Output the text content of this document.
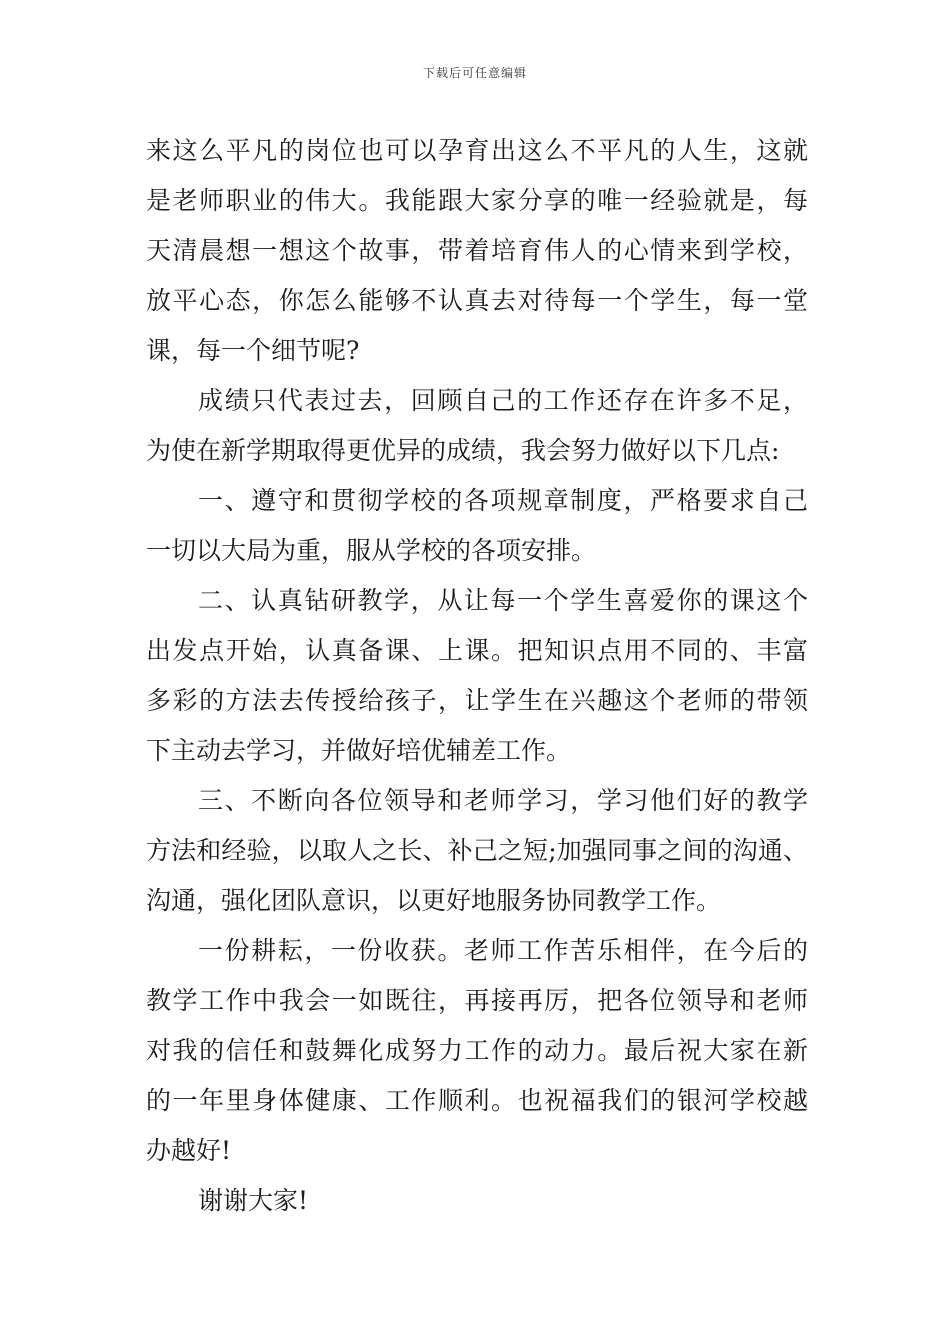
下载后可任意编辑
来这么平凡的岗位也可以孕育出这么不平凡的人生，这就
是老师职业的伟大。我能跟大家分享的唯一经验就是，每
天清晨想一想这个故事，带着培育伟人的心情来到学校，
放平心态，你怎么能够不认真去对待每一个学生，每一堂
课，每一个细节呢?
成绩只代表过去，回顾自己的工作还存在许多不足，
为使在新学期取得更优异的成绩，我会努力做好以下几点:
一、遵守和贯彻学校的各项规章制度，严格要求自己
一切以大局为重，服从学校的各项安排。
二、认真钻研教学，从让每一个学生喜爱你的课这个
出发点开始，认真备课、上课。把知识点用不同的、丰富
多彩的方法去传授给孩子，让学生在兴趣这个老师的带领
下主动去学习，并做好培优辅差工作。
三、不断向各位领导和老师学习，学习他们好的教学
方法和经验，以取人之长、补己之短;加强同事之间的沟通、
沟通，强化团队意识，以更好地服务协同教学工作。
一份耕耘，一份收获。老师工作苦乐相伴，在今后的
教学工作中我会一如既往，再接再厉，把各位领导和老师
对我的信任和鼓舞化成努力工作的动力。最后祝大家在新
的一年里身体健康、工作顺利。也祝福我们的银河学校越
办越好!
谢谢大家!
